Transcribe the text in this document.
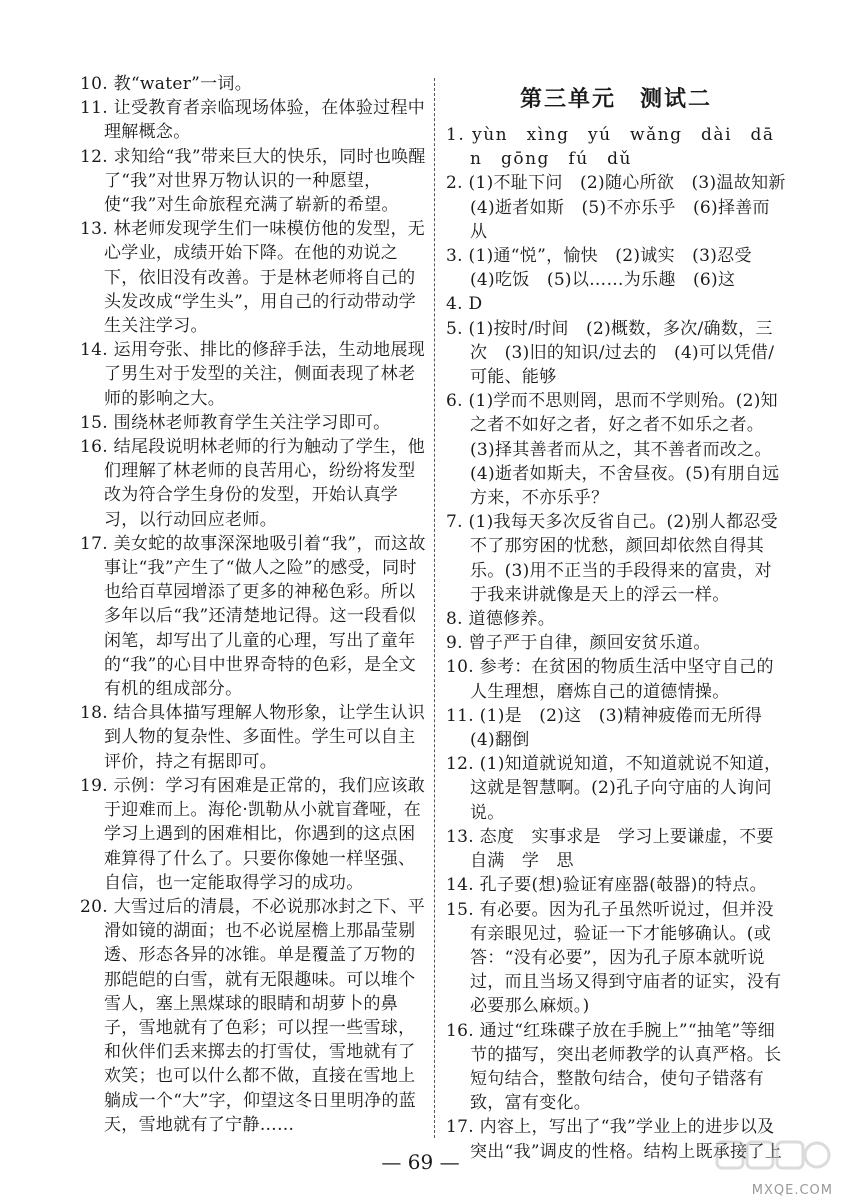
10. 教“water”一词。

11. 让受教育者亲临现场体验，在体验过程中理解概念。

12. 求知给“我”带来巨大的快乐，同时也唤醒了“我”对世界万物认识的一种愿望，使“我”对生命旅程充满了崭新的希望。

13. 林老师发现学生们一味模仿他的发型，无心学业，成绩开始下降。在他的劝说之下，依旧没有改善。于是林老师将自己的头发改成“学生头”，用自己的行动带动学生关注学习。

14. 运用夸张、排比的修辞手法，生动地展现了男生对于发型的关注，侧面表现了林老师的影响之大。

15. 围绕林老师教育学生关注学习即可。

16. 结尾段说明林老师的行为触动了学生，他们理解了林老师的良苦用心，纷纷将发型改为符合学生身份的发型，开始认真学习，以行动回应老师。

17. 美女蛇的故事深深地吸引着“我”，而这故事让“我”产生了“做人之险”的感受，同时也给百草园增添了更多的神秘色彩。所以多年以后“我”还清楚地记得。这一段看似闲笔，却写出了儿童的心理，写出了童年的“我”的心目中世界奇特的色彩，是全文有机的组成部分。

18. 结合具体描写理解人物形象，让学生认识到人物的复杂性、多面性。学生可以自主评价，持之有据即可。

19. 示例：学习有困难是正常的，我们应该敢于迎难而上。海伦·凯勒从小就盲聋哑，在学习上遇到的困难相比，你遇到的这点困难算得了什么了。只要你像她一样坚强、自信，也一定能取得学习的成功。

20. 大雪过后的清晨，不必说那冰封之下、平滑如镜的湖面；也不必说屋檐上那晶莹剔透、形态各异的冰锥。单是覆盖了万物的那皑皑的白雪，就有无限趣味。可以堆个雪人，塞上黑煤球的眼睛和胡萝卜的鼻子，雪地就有了色彩；可以捏一些雪球，和伙伴们丢来掷去的打雪仗，雪地就有了欢笑；也可以什么都不做，直接在雪地上躺成一个“大”字，仰望这冬日里明净的蓝天，雪地就有了宁静……

第三单元　测试二

1. yùn　xìng　yú　wǎng　dài　dān　gōng　fú　dǔ

2. (1)不耻下问　(2)随心所欲　(3)温故知新　(4)逝者如斯　(5)不亦乐乎　(6)择善而从

3. (1)通“悦”，愉快　(2)诚实　(3)忍受　(4)吃饭　(5)以……为乐趣　(6)这

4. D

5. (1)按时/时间　(2)概数，多次/确数，三次　(3)旧的知识/过去的　(4)可以凭借/可能、能够

6. (1)学而不思则罔，思而不学则殆。(2)知之者不如好之者，好之者不如乐之者。(3)择其善者而从之，其不善者而改之。(4)逝者如斯夫，不舍昼夜。(5)有朋自远方来，不亦乐乎？

7. (1)我每天多次反省自己。(2)别人都忍受不了那穷困的忧愁，颜回却依然自得其乐。(3)用不正当的手段得来的富贵，对于我来讲就像是天上的浮云一样。

8. 道德修养。

9. 曾子严于自律，颜回安贫乐道。

10. 参考：在贫困的物质生活中坚守自己的人生理想，磨炼自己的道德情操。

11. (1)是　(2)这　(3)精神疲倦而无所得　(4)翻倒

12. (1)知道就说知道，不知道就说不知道，这就是智慧啊。(2)孔子向守庙的人询问说。

13. 态度　实事求是　学习上要谦虚，不要自满　学　思

14. 孔子要(想)验证宥座器(攲器)的特点。

15. 有必要。因为孔子虽然听说过，但并没有亲眼见过，验证一下才能够确认。(或答：“没有必要”，因为孔子原本就听说过，而且当场又得到守庙者的证实，没有必要那么麻烦。)

16. 通过“红珠碟子放在手腕上”“抽笔”等细节的描写，突出老师教学的认真严格。长短句结合，整散句结合，使句子错落有致，富有变化。

17. 内容上，写出了“我”学业上的进步以及突出“我”调皮的性格。结构上既承接了上

— 69 —
MXQE.COM
